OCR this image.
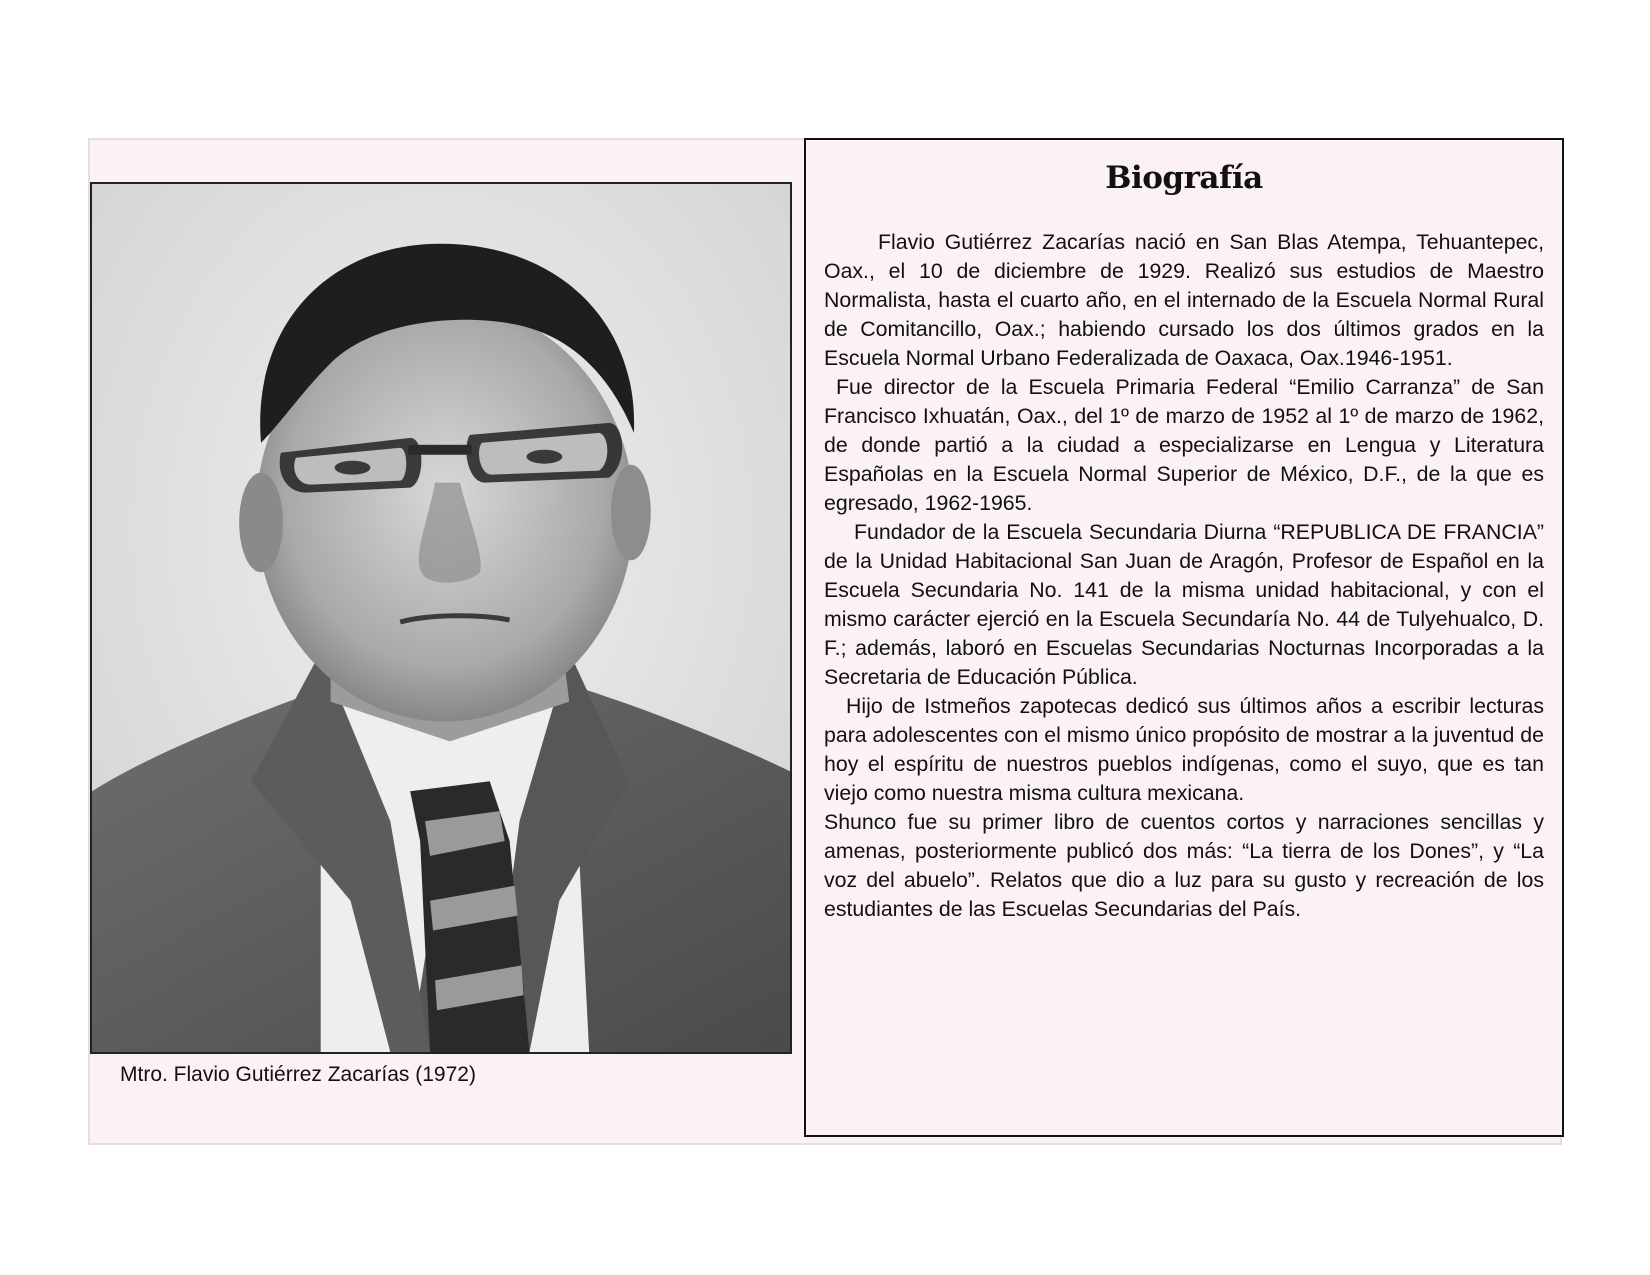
Mtro. Flavio Gutiérrez Zacarías (1972)
Biografía

Flavio Gutiérrez Zacarías nació en San Blas Atempa, Tehuantepec, Oax., el 10 de diciembre de 1929. Realizó sus estudios de Maestro Normalista, hasta el cuarto año, en el internado de la Escuela Normal Rural de Comitancillo, Oax.; habiendo cursado los dos últimos grados en la Escuela Normal Urbano Federalizada de Oaxaca, Oax.1946-1951.

Fue director de la Escuela Primaria Federal “Emilio Carranza” de San Francisco Ixhuatán, Oax., del 1º de marzo de 1952 al 1º de marzo de 1962, de donde partió a la ciudad a especializarse en Lengua y Literatura Españolas en la Escuela Normal Superior de México, D.F., de la que es egresado, 1962-1965.

Fundador de la Escuela Secundaria Diurna “REPUBLICA DE FRANCIA” de la Unidad Habitacional San Juan de Aragón, Profesor de Español en la Escuela Secundaria No. 141 de la misma unidad habitacional, y con el mismo carácter ejerció en la Escuela Secundaría No. 44 de Tulyehualco, D. F.; además, laboró en Escuelas Secundarias Nocturnas Incorporadas a la Secretaria de Educación Pública.

Hijo de Istmeños zapotecas dedicó sus últimos años a escribir lecturas para adolescentes con el mismo único propósito de mostrar a la juventud de hoy el espíritu de nuestros pueblos indígenas, como el suyo, que es tan viejo como nuestra misma cultura mexicana.

Shunco fue su primer libro de cuentos cortos y narraciones sencillas y amenas, posteriormente publicó dos más: “La tierra de los Dones”, y “La voz del abuelo”. Relatos que dio a luz para su gusto y recreación de los estudiantes de las Escuelas Secundarias del País.
